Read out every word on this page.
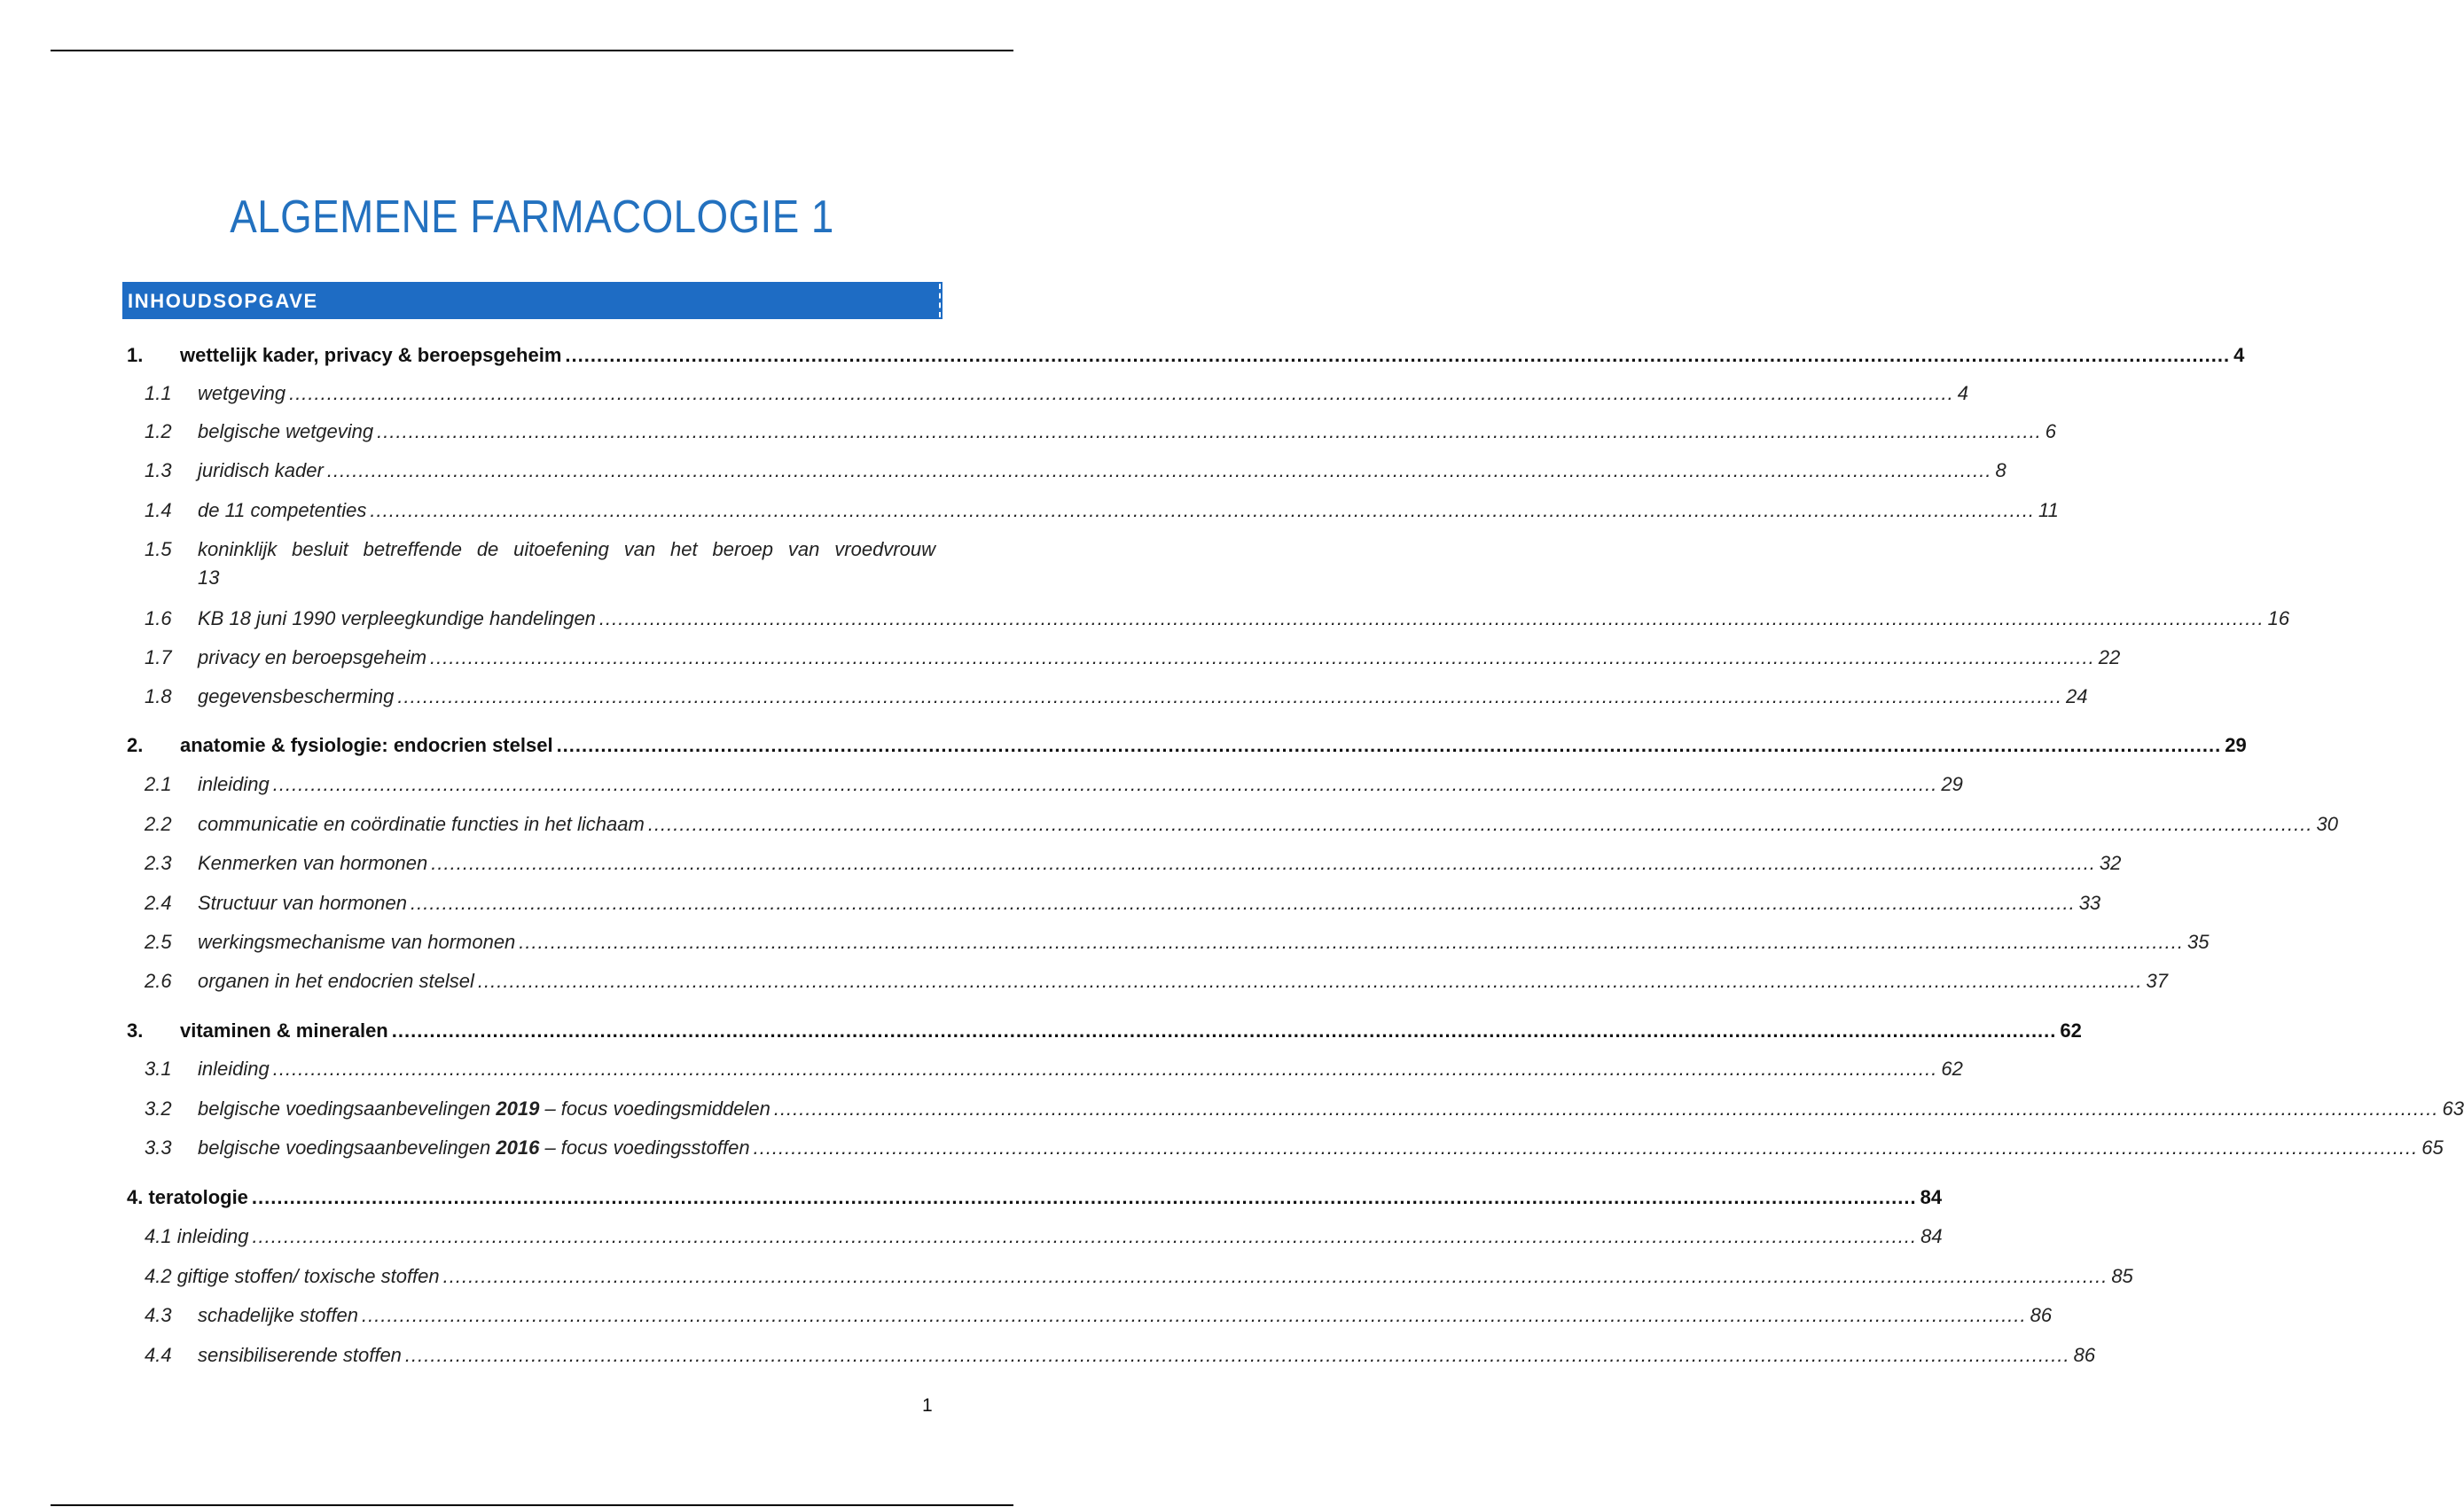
ALGEMENE FARMACOLOGIE 1
INHOUDSOPGAVE
1.	wettelijk kader, privacy & beroepsgeheim .....	4
1.1	wetgeving .....	4
1.2	belgische wetgeving .....	6
1.3	juridisch kader .....	8
1.4	de 11 competenties .....	11
1.5	koninklijk besluit betreffende de uitoefening van het beroep van vroedvrouw
13
1.6	KB 18 juni 1990 verpleegkundige handelingen .....	16
1.7	privacy en beroepsgeheim .....	22
1.8	gegevensbescherming .....	24
2.	anatomie & fysiologie: endocrien stelsel .....	29
2.1	inleiding .....	29
2.2	communicatie en coördinatie functies in het lichaam .....	30
2.3	Kenmerken van hormonen .....	32
2.4	Structuur van hormonen .....	33
2.5	werkingsmechanisme van hormonen .....	35
2.6	organen in het endocrien stelsel .....	37
3.	vitaminen & mineralen .....	62
3.1	inleiding .....	62
3.2	belgische voedingsaanbevelingen 2019 – focus voedingsmiddelen .....	63
3.3	belgische voedingsaanbevelingen 2016 – focus voedingsstoffen .....	65
4. teratologie .....	84
4.1 inleiding .....	84
4.2 giftige stoffen/ toxische stoffen .....	85
4.3	schadelijke stoffen .....	86
4.4	sensibiliserende stoffen .....	86
1
